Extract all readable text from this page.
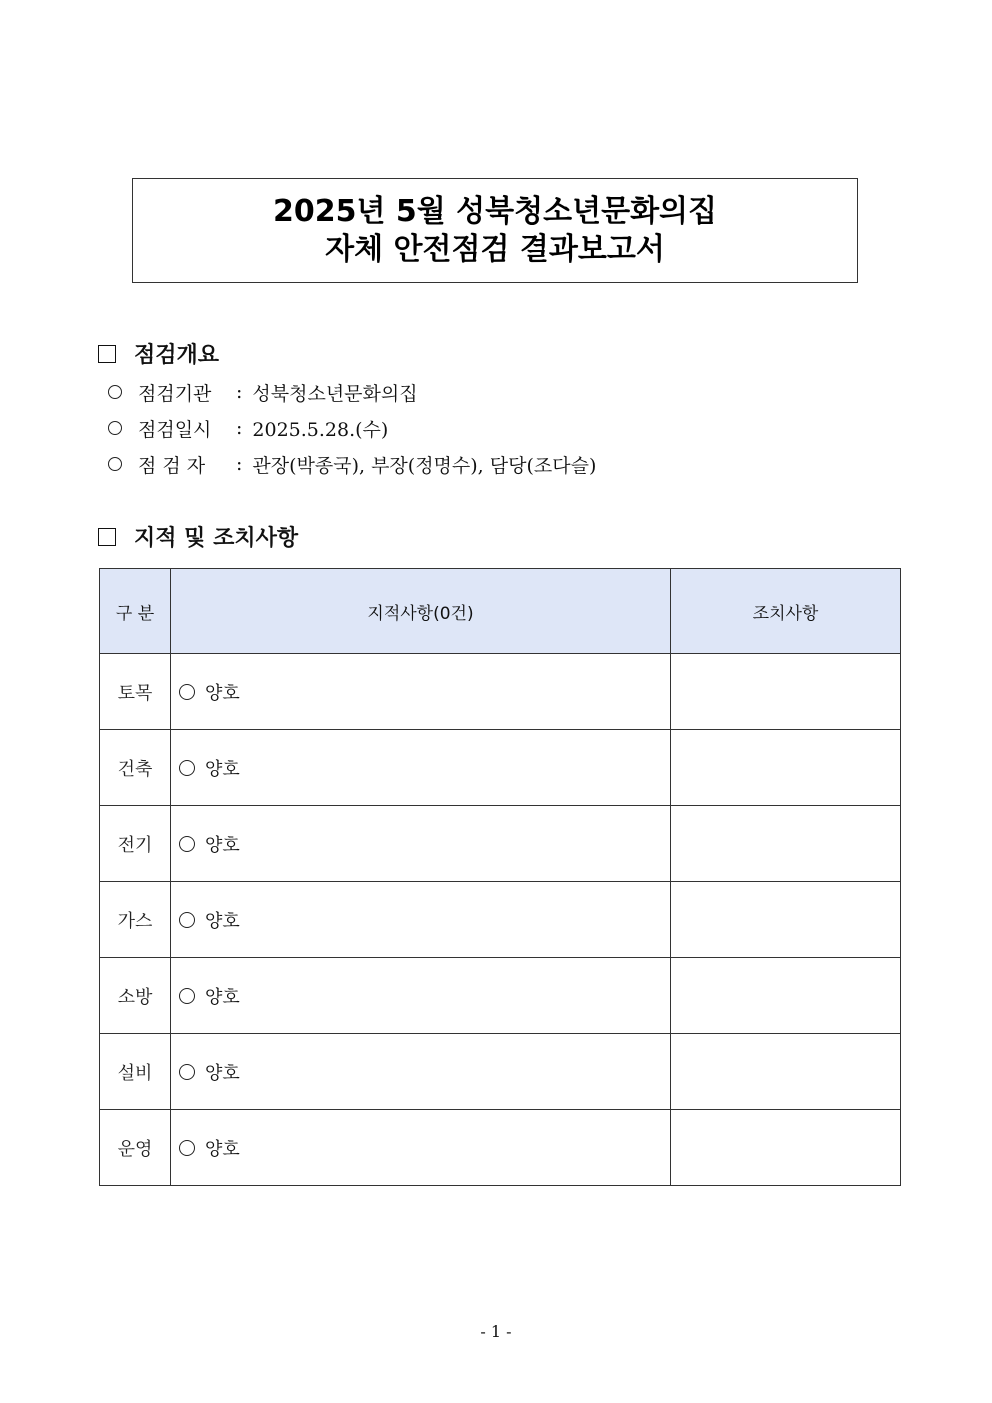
2025년 5월 성북청소년문화의집
자체 안전점검 결과보고서
점검개요
점검기관	: 성북청소년문화의집
점검일시	: 2025.5.28.(수)
점 검 자	: 관장(박종국), 부장(정명수), 담당(조다슬)
지적 및 조치사항
구 분	지적사항(0건)	조치사항
토목	양호	

건축	양호	

전기	양호	

가스	양호	

소방	양호	

설비	양호	

운영	양호	

- 1 -
